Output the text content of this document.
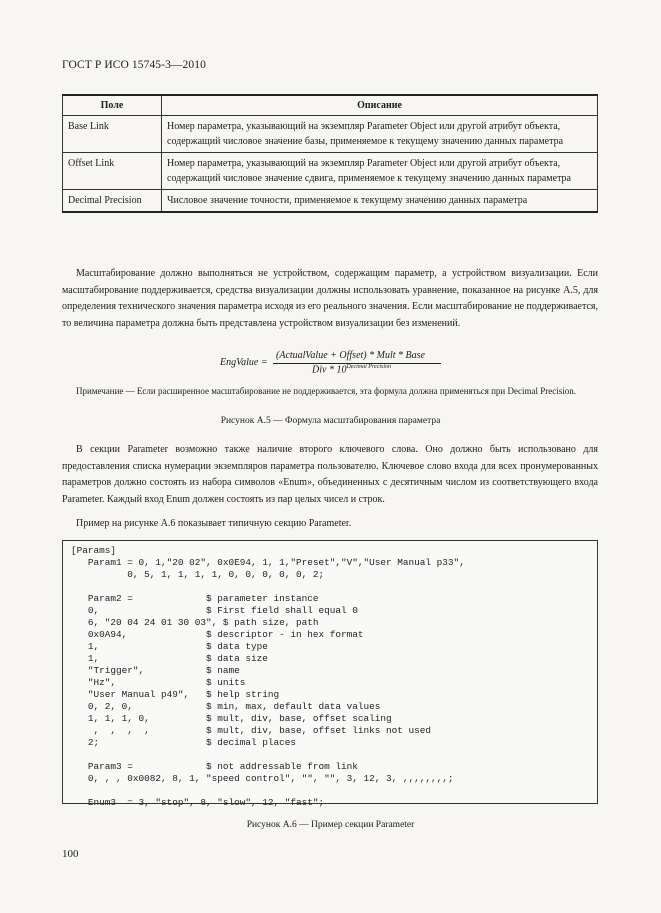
ГОСТ Р ИСО 15745-3—2010
Поле	Описание
Base Link	Номер параметра, указывающий на экземпляр Parameter Object или другой атрибут объекта, содержащий числовое значение базы, применяемое к текущему значению данных параметра
Offset Link	Номер параметра, указывающий на экземпляр Parameter Object или другой атрибут объекта, содержащий числовое значение сдвига, применяемое к текущему значению данных параметра
Decimal Precision	Числовое значение точности, применяемое к текущему значению данных параметра
Масштабирование должно выполняться не устройством, содержащим параметр, а устройством визуализации. Если масштабирование поддерживается, средства визуализации должны использовать уравнение, показанное на рисунке А.5, для определения технического значения параметра исходя из его реального значения. Если масштабирование не поддерживается, то величина параметра должна быть представлена устройством визуализации без изменений.
EngValue =
(ActualValue + Offset) * Mult * Base
Div * $10^{Decimal Precision}$
Примечание — Если расширенное масштабирование не поддерживается, эта формула должна применяться при Decimal Precision.
Рисунок А.5 — Формула масштабирования параметра
В секции Parameter возможно также наличие второго ключевого слова. Оно должно быть использовано для предоставления списка нумерации экземпляров параметра пользователю. Ключевое слово входа для всех пронумерованных параметров должно состоять из набора символов «Enum», объединенных с десятичным числом из соответствующего входа Parameter. Каждый вход Enum должен состоять из пар целых чисел и строк.
Пример на рисунке А.6 показывает типичную секцию Parameter.
[Params]
Param1 = 0, 1,"20 02", 0x0E94, 1, 1,"Preset","V","User Manual p33",
0, 5, 1, 1, 1, 1, 0, 0, 0, 0, 0, 2;

Param2 =             $ parameter instance
0,                   $ First field shall equal 0
6, "20 04 24 01 30 03", $ path size, path
0x0A94,              $ descriptor - in hex format
1,                   $ data type
1,                   $ data size
"Trigger",           $ name
"Hz",                $ units
"User Manual p49",   $ help string
0, 2, 0,             $ min, max, default data values
1, 1, 1, 0,          $ mult, div, base, offset scaling
,  ,  ,  ,          $ mult, div, base, offset links not used
2;                   $ decimal places

Param3 =             $ not addressable from link
0, , , 0x0082, 8, 1, "speed control", "", "", 3, 12, 3, ,,,,,,,,;

Enum3  = 3, "stop", 8, "slow", 12, "fast";
Рисунок А.6 — Пример секции Parameter
100
